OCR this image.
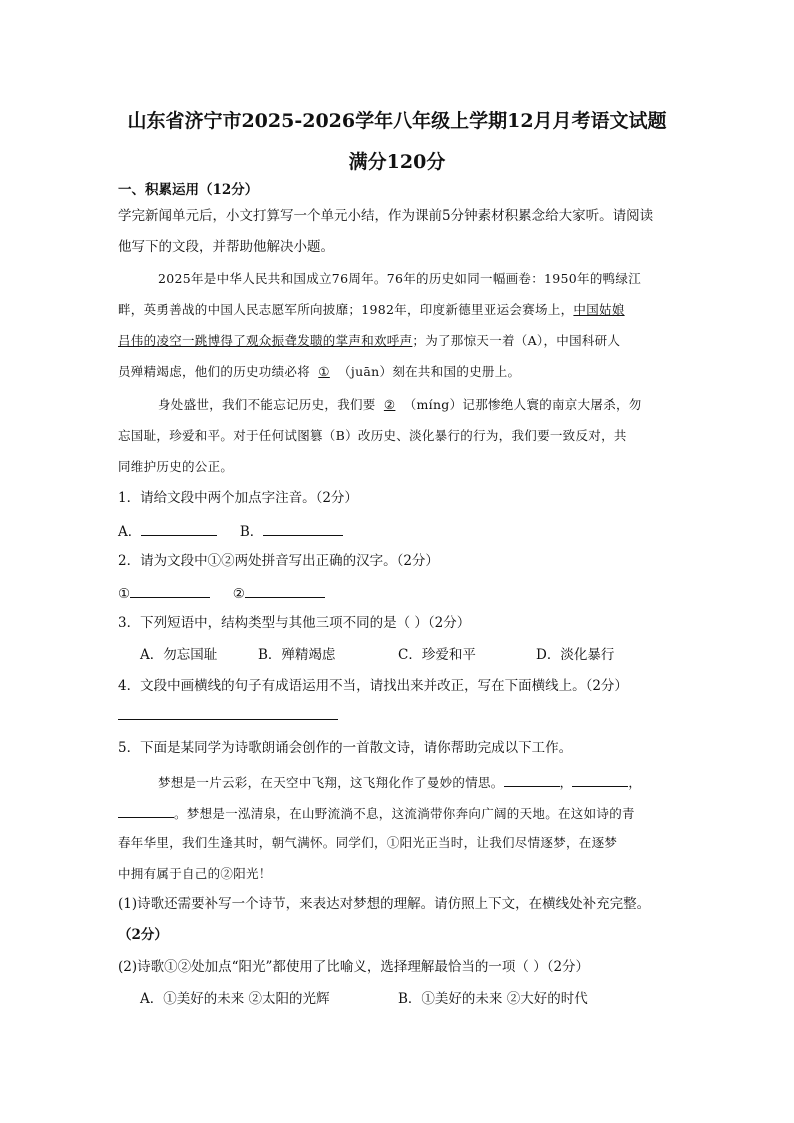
山东省济宁市2025-2026学年八年级上学期12月月考语文试题
满分120分
一、积累运用（12分）
学完新闻单元后，小文打算写一个单元小结，作为课前5分钟素材积累念给大家听。请阅读
他写下的文段，并帮助他解决小题。
2025年是中华人民共和国成立76周年。76年的历史如同一幅画卷：1950年的鸭绿江
畔，英勇善战的中国人民志愿军所向披靡；1982年，印度新德里亚运会赛场上，中国姑娘
吕伟的凌空一跳博得了观众振聋发聩的掌声和欢呼声；为了那惊天一着（A），中国科研人
员殚精竭虑，他们的历史功绩必将 ① （juān）刻在共和国的史册上。
身处盛世，我们不能忘记历史，我们要 ② （míng）记那惨绝人寰的南京大屠杀，勿
忘国耻，珍爱和平。对于任何试图篡（B）改历史、淡化暴行的行为，我们要一致反对，共
同维护历史的公正。
1．请给文段中两个加点字注音。（2分）
A．	B．
2．请为文段中①②两处拼音写出正确的汉字。（2分）
①	②
3．下列短语中，结构类型与其他三项不同的是（ ）（2分）
A．勿忘国耻	B．殚精竭虑	C．珍爱和平	D．淡化暴行
4．文段中画横线的句子有成语运用不当，请找出来并改正，写在下面横线上。（2分）
5．下面是某同学为诗歌朗诵会创作的一首散文诗，请你帮助完成以下工作。
梦想是一片云彩，在天空中飞翔，这飞翔化作了曼妙的情思。	，	，
。梦想是一泓清泉，在山野流淌不息，这流淌带你奔向广阔的天地。在这如诗的青
春年华里，我们生逢其时，朝气满怀。同学们，①阳光正当时，让我们尽情逐梦，在逐梦
中拥有属于自己的②阳光！
(1)诗歌还需要补写一个诗节，来表达对梦想的理解。请仿照上下文，在横线处补充完整。
（2分）
(2)诗歌①②处加点“阳光”都使用了比喻义，选择理解最恰当的一项（ ）（2分）
A．①美好的未来 ②太阳的光辉	B．①美好的未来 ②大好的时代
